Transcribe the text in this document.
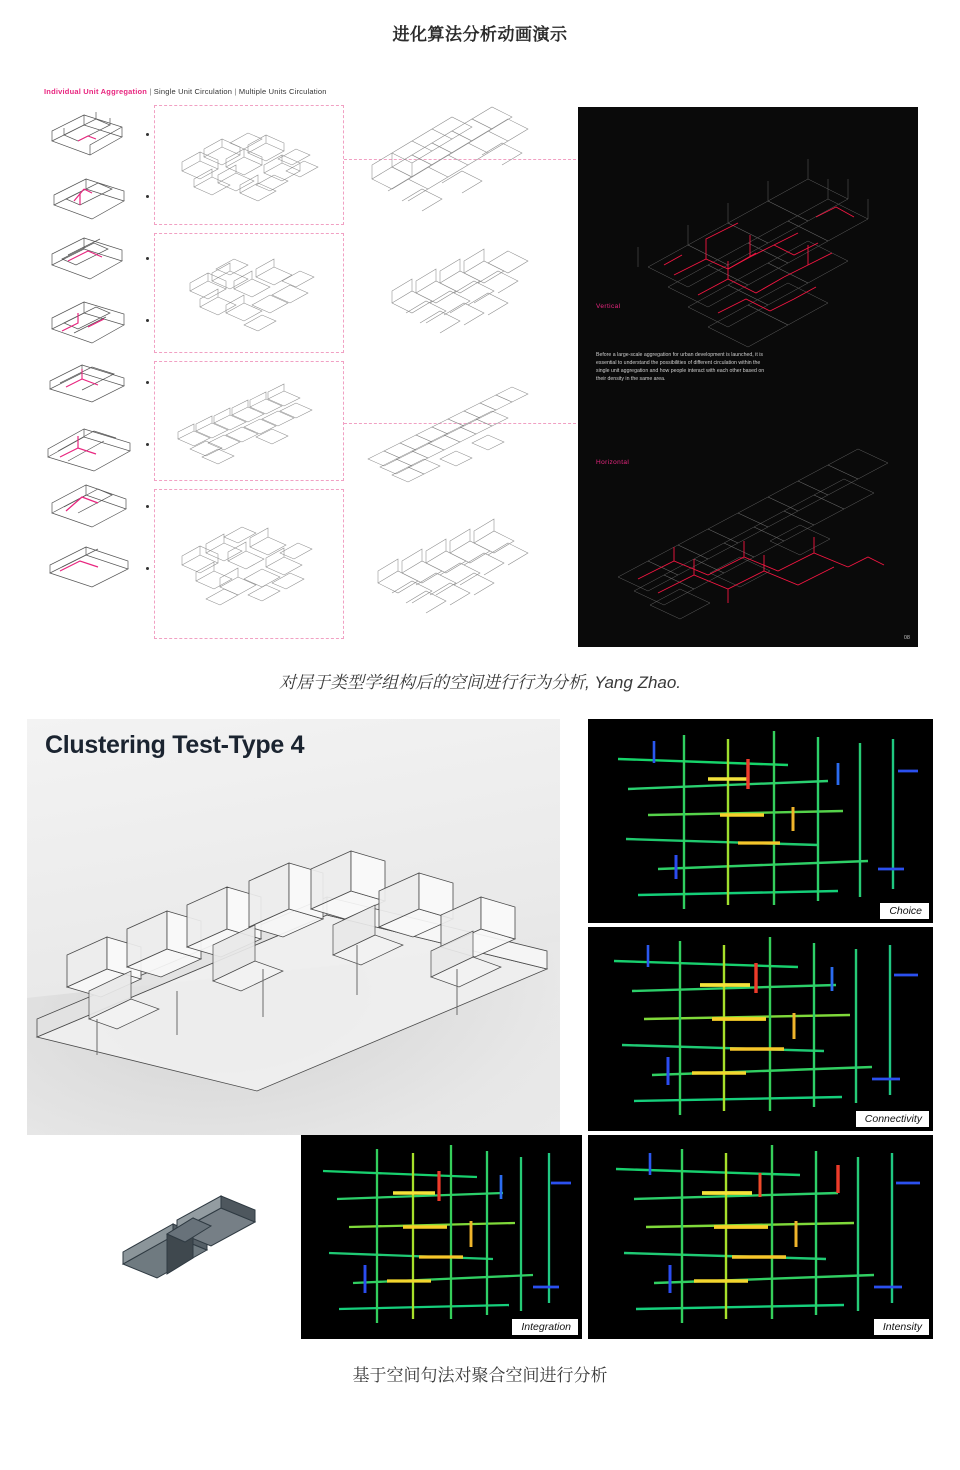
进化算法分析动画演示
Individual Unit Aggregation | Single Unit Circulation | Multiple Units Circulation
Vertical
Horizontal
Before a large-scale aggregation for urban development is launched, it is essential to understand the possibilities of different circulation within the single unit aggregation and how people interact with each other based on their density in the same area.
08
对居于类型学组构后的空间进行行为分析, Yang Zhao.
Clustering Test-Type 4
Choice
Connectivity
Integration	Intensity
基于空间句法对聚合空间进行分析
